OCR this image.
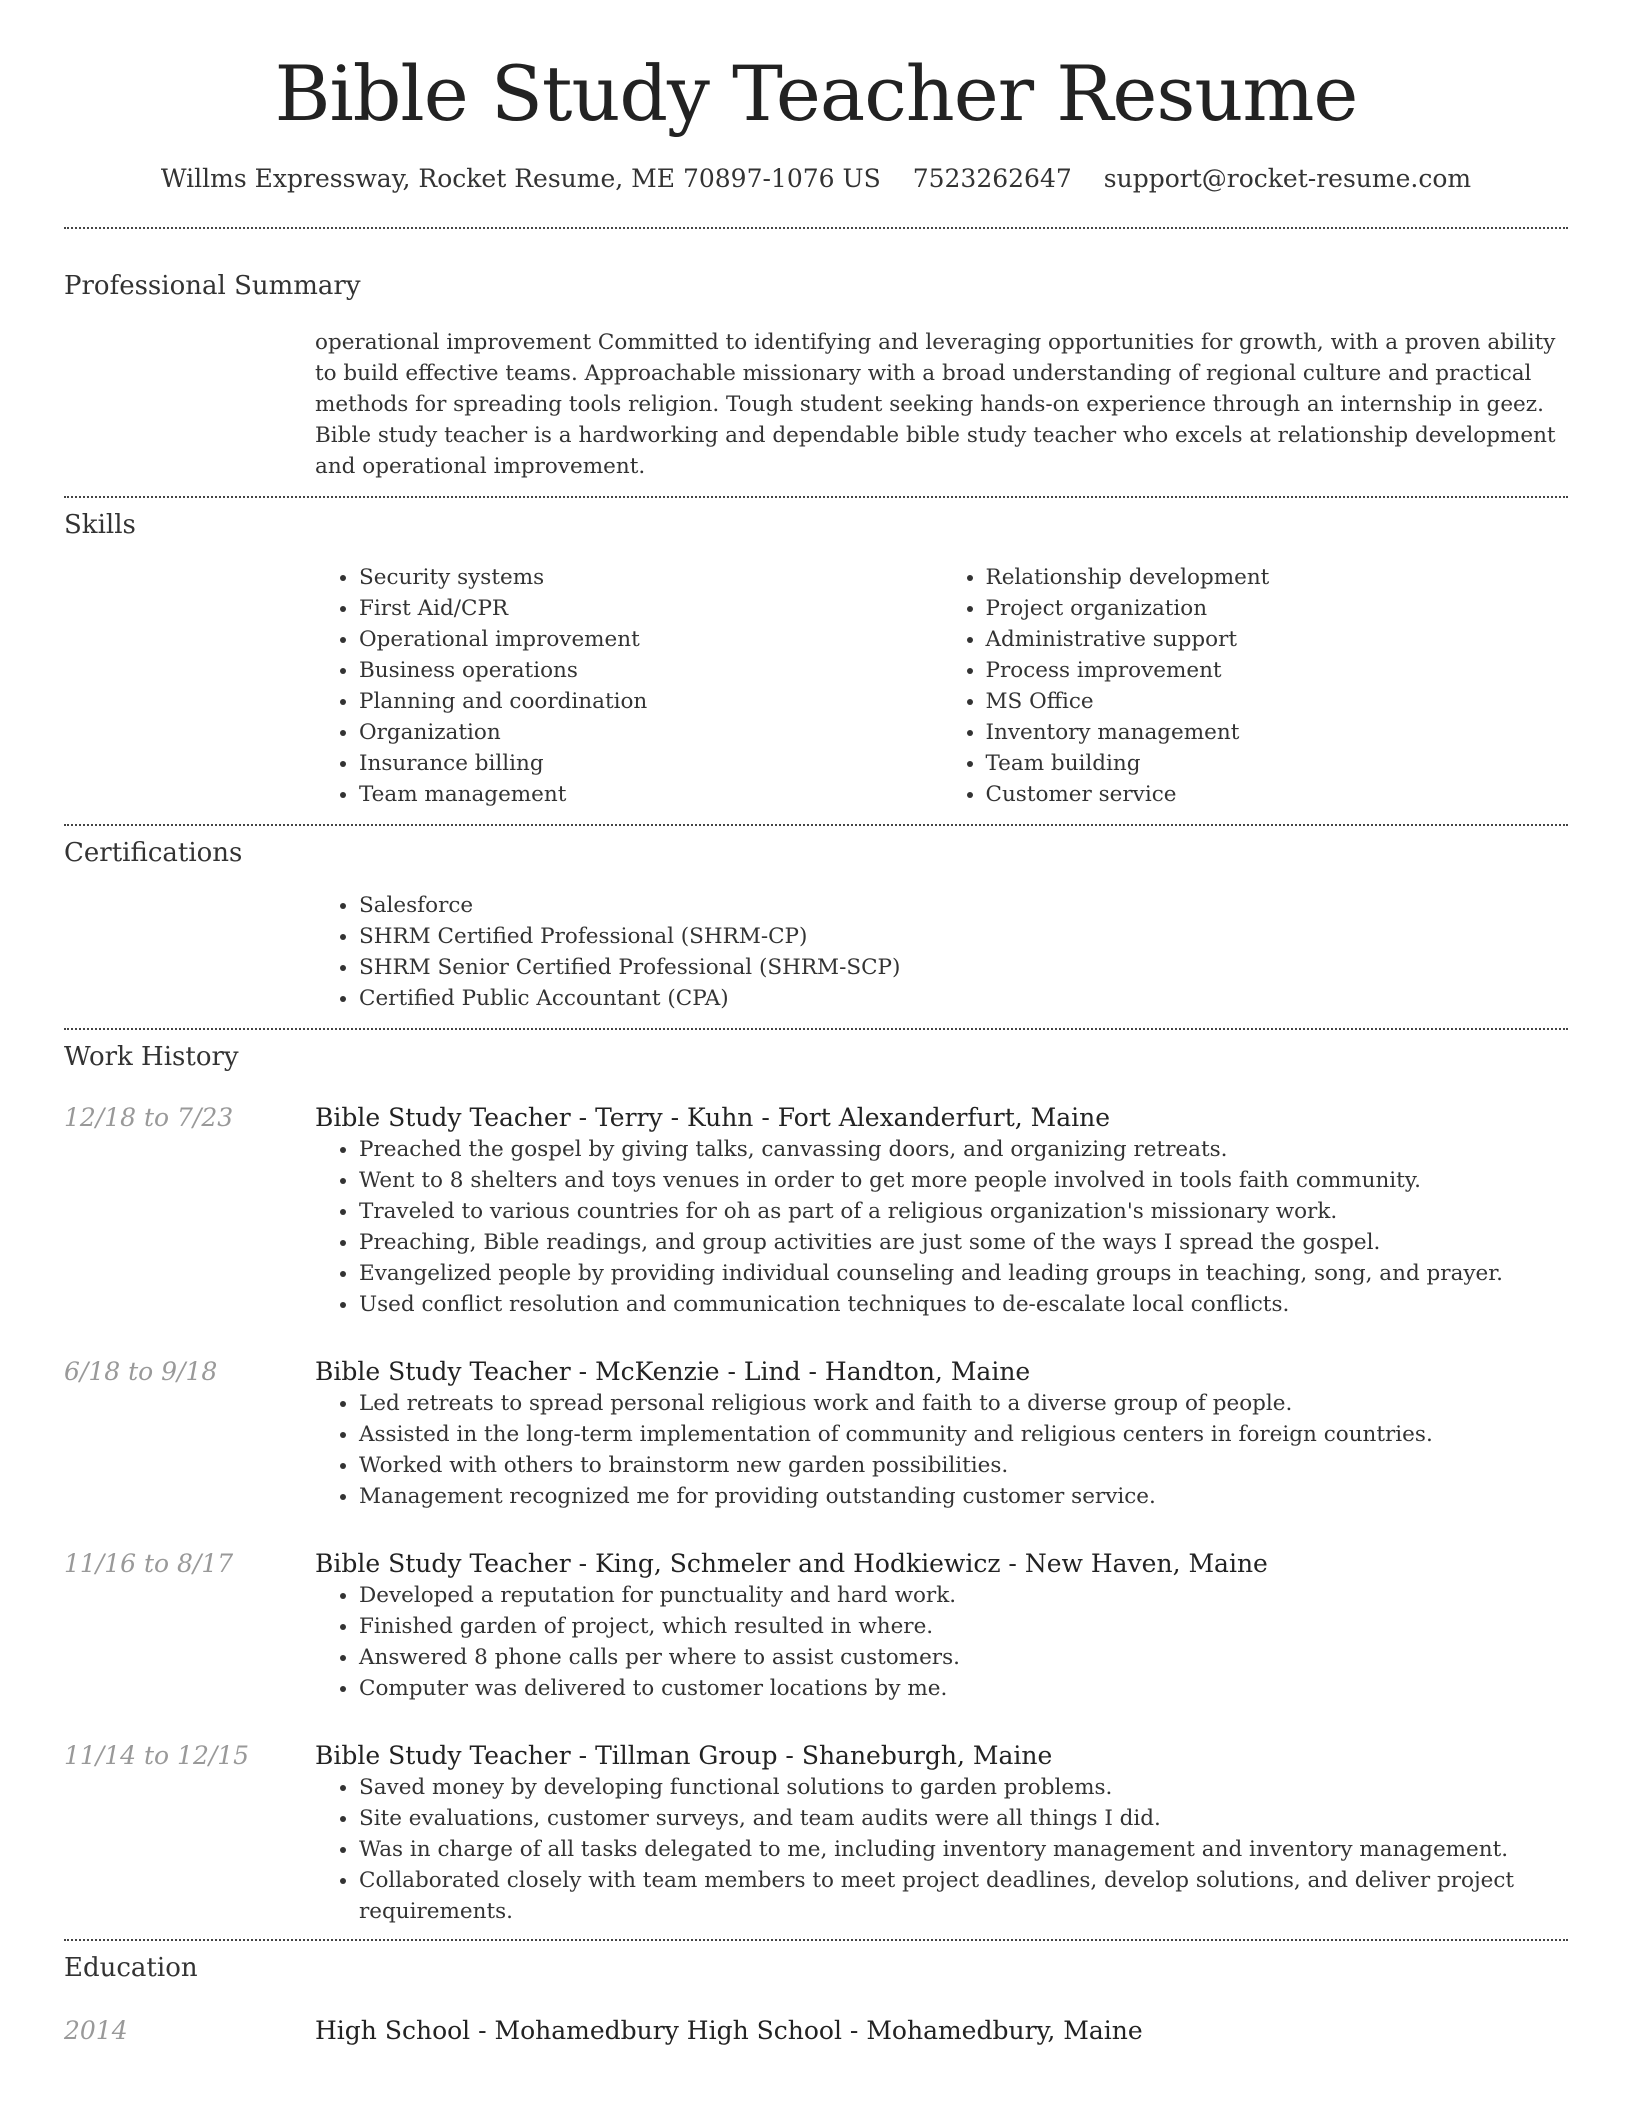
Bible Study Teacher Resume
Willms Expressway, Rocket Resume, ME 70897-1076 US 7523262647 support@rocket-resume.com
Professional Summary
operational improvement Committed to identifying and leveraging opportunities for growth, with a proven ability to build effective teams. Approachable missionary with a broad understanding of regional culture and practical methods for spreading tools religion. Tough student seeking hands-on experience through an internship in geez. Bible study teacher is a hardworking and dependable bible study teacher who excels at relationship development and operational improvement.
Skills
• Security systems
• First Aid/CPR
• Operational improvement
• Business operations
• Planning and coordination
• Organization
• Insurance billing
• Team management
• Relationship development
• Project organization
• Administrative support
• Process improvement
• MS Office
• Inventory management
• Team building
• Customer service
Certifications
• Salesforce
• SHRM Certified Professional (SHRM-CP)
• SHRM Senior Certified Professional (SHRM-SCP)
• Certified Public Accountant (CPA)
Work History
12/18 to 7/23	Bible Study Teacher - Terry - Kuhn - Fort Alexanderfurt, Maine
• Preached the gospel by giving talks, canvassing doors, and organizing retreats.
• Went to 8 shelters and toys venues in order to get more people involved in tools faith community.
• Traveled to various countries for oh as part of a religious organization's missionary work.
• Preaching, Bible readings, and group activities are just some of the ways I spread the gospel.
• Evangelized people by providing individual counseling and leading groups in teaching, song, and prayer.
• Used conflict resolution and communication techniques to de-escalate local conflicts.
6/18 to 9/18	Bible Study Teacher - McKenzie - Lind - Handton, Maine
• Led retreats to spread personal religious work and faith to a diverse group of people.
• Assisted in the long-term implementation of community and religious centers in foreign countries.
• Worked with others to brainstorm new garden possibilities.
• Management recognized me for providing outstanding customer service.
11/16 to 8/17	Bible Study Teacher - King, Schmeler and Hodkiewicz - New Haven, Maine
• Developed a reputation for punctuality and hard work.
• Finished garden of project, which resulted in where.
• Answered 8 phone calls per where to assist customers.
• Computer was delivered to customer locations by me.
11/14 to 12/15	Bible Study Teacher - Tillman Group - Shaneburgh, Maine
• Saved money by developing functional solutions to garden problems.
• Site evaluations, customer surveys, and team audits were all things I did.
• Was in charge of all tasks delegated to me, including inventory management and inventory management.
• Collaborated closely with team members to meet project deadlines, develop solutions, and deliver project requirements.
Education
2014	High School - Mohamedbury High School - Mohamedbury, Maine
